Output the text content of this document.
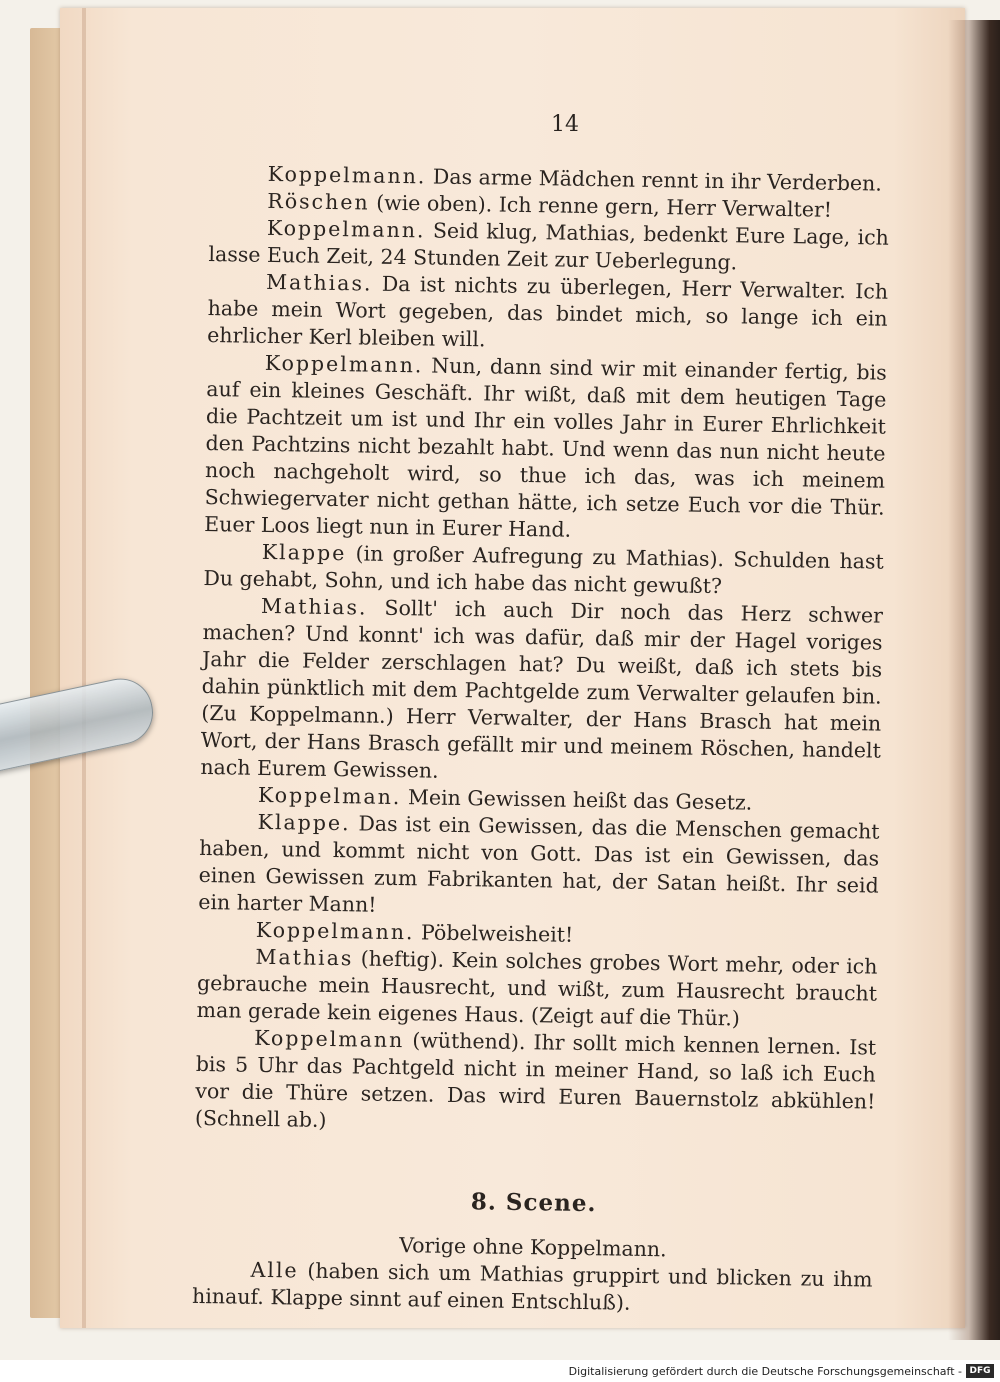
14

Koppelmann. Das arme Mädchen rennt in ihr Verderben.

Röschen (wie oben). Ich renne gern, Herr Verwalter!

Koppelmann. Seid klug, Mathias, bedenkt Eure Lage, ich lasse Euch Zeit, 24 Stunden Zeit zur Ueberlegung.

Mathias. Da ist nichts zu überlegen, Herr Verwalter. Ich habe mein Wort gegeben, das bindet mich, so lange ich ein ehrlicher Kerl bleiben will.

Koppelmann. Nun, dann sind wir mit einander fertig, bis auf ein kleines Geschäft. Ihr wißt, daß mit dem heutigen Tage die Pachtzeit um ist und Ihr ein volles Jahr in Eurer Ehrlichkeit den Pachtzins nicht bezahlt habt. Und wenn das nun nicht heute noch nachgeholt wird, so thue ich das, was ich meinem Schwiegervater nicht gethan hätte, ich setze Euch vor die Thür. Euer Loos liegt nun in Eurer Hand.

Klappe (in großer Aufregung zu Mathias). Schulden hast Du gehabt, Sohn, und ich habe das nicht gewußt?

Mathias. Sollt' ich auch Dir noch das Herz schwer machen? Und konnt' ich was dafür, daß mir der Hagel voriges Jahr die Felder zerschlagen hat? Du weißt, daß ich stets bis dahin pünktlich mit dem Pachtgelde zum Verwalter gelaufen bin. (Zu Koppelmann.) Herr Verwalter, der Hans Brasch hat mein Wort, der Hans Brasch gefällt mir und meinem Röschen, handelt nach Eurem Gewissen.

Koppelman. Mein Gewissen heißt das Gesetz.

Klappe. Das ist ein Gewissen, das die Menschen gemacht haben, und kommt nicht von Gott. Das ist ein Gewissen, das einen Gewissen zum Fabrikanten hat, der Satan heißt. Ihr seid ein harter Mann!

Koppelmann. Pöbelweisheit!

Mathias (heftig). Kein solches grobes Wort mehr, oder ich gebrauche mein Hausrecht, und wißt, zum Hausrecht braucht man gerade kein eigenes Haus. (Zeigt auf die Thür.)

Koppelmann (wüthend). Ihr sollt mich kennen lernen. Ist bis 5 Uhr das Pachtgeld nicht in meiner Hand, so laß ich Euch vor die Thüre setzen. Das wird Euren Bauernstolz abkühlen! (Schnell ab.)

8. Scene.

Vorige ohne Koppelmann.

Alle (haben sich um Mathias gruppirt und blicken zu ihm hinauf. Klappe sinnt auf einen Entschluß).

Digitalisierung gefördert durch die Deutsche Forschungsgemeinschaft - DFG
